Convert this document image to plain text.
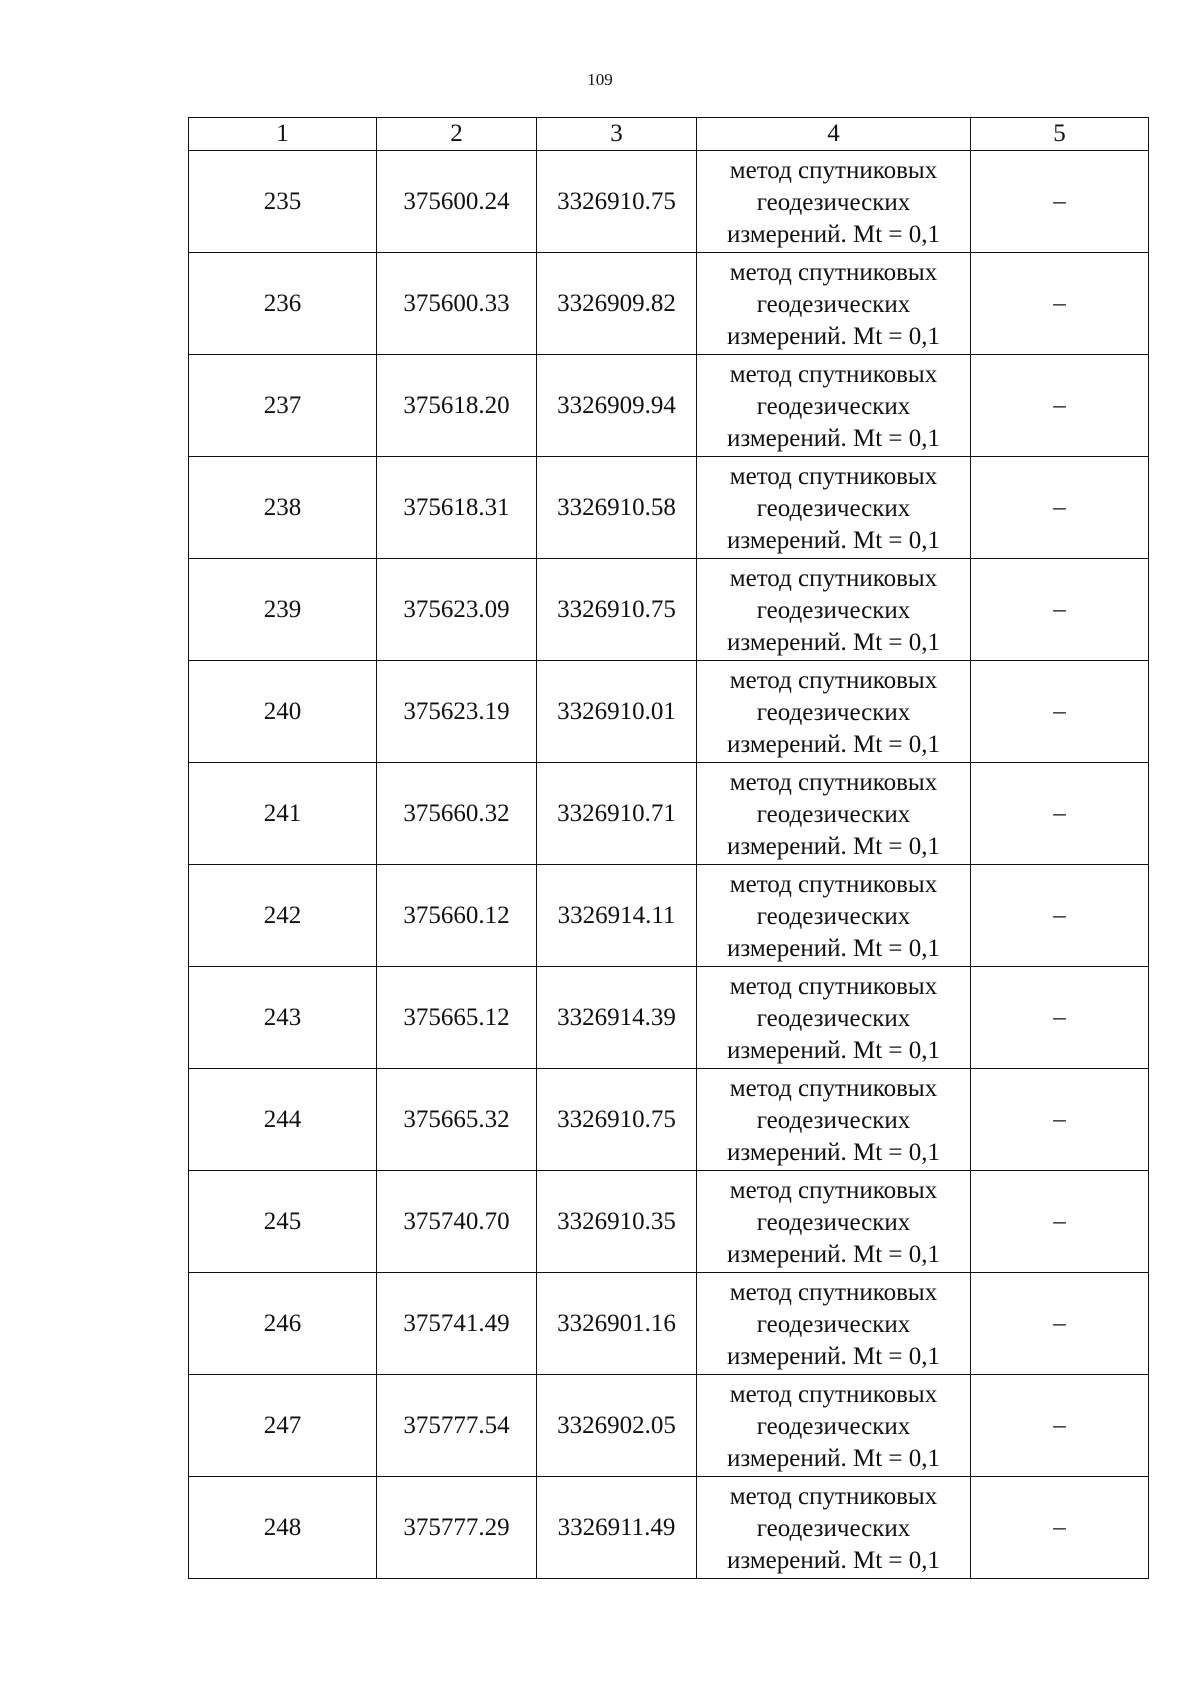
109
1	2	3	4	5
235	375600.24	3326910.75	метод спутниковых
геодезических
измерений. Mt = 0,1	–
236	375600.33	3326909.82	метод спутниковых
геодезических
измерений. Mt = 0,1	–
237	375618.20	3326909.94	метод спутниковых
геодезических
измерений. Mt = 0,1	–
238	375618.31	3326910.58	метод спутниковых
геодезических
измерений. Mt = 0,1	–
239	375623.09	3326910.75	метод спутниковых
геодезических
измерений. Mt = 0,1	–
240	375623.19	3326910.01	метод спутниковых
геодезических
измерений. Mt = 0,1	–
241	375660.32	3326910.71	метод спутниковых
геодезических
измерений. Mt = 0,1	–
242	375660.12	3326914.11	метод спутниковых
геодезических
измерений. Mt = 0,1	–
243	375665.12	3326914.39	метод спутниковых
геодезических
измерений. Mt = 0,1	–
244	375665.32	3326910.75	метод спутниковых
геодезических
измерений. Mt = 0,1	–
245	375740.70	3326910.35	метод спутниковых
геодезических
измерений. Mt = 0,1	–
246	375741.49	3326901.16	метод спутниковых
геодезических
измерений. Mt = 0,1	–
247	375777.54	3326902.05	метод спутниковых
геодезических
измерений. Mt = 0,1	–
248	375777.29	3326911.49	метод спутниковых
геодезических
измерений. Mt = 0,1	–
